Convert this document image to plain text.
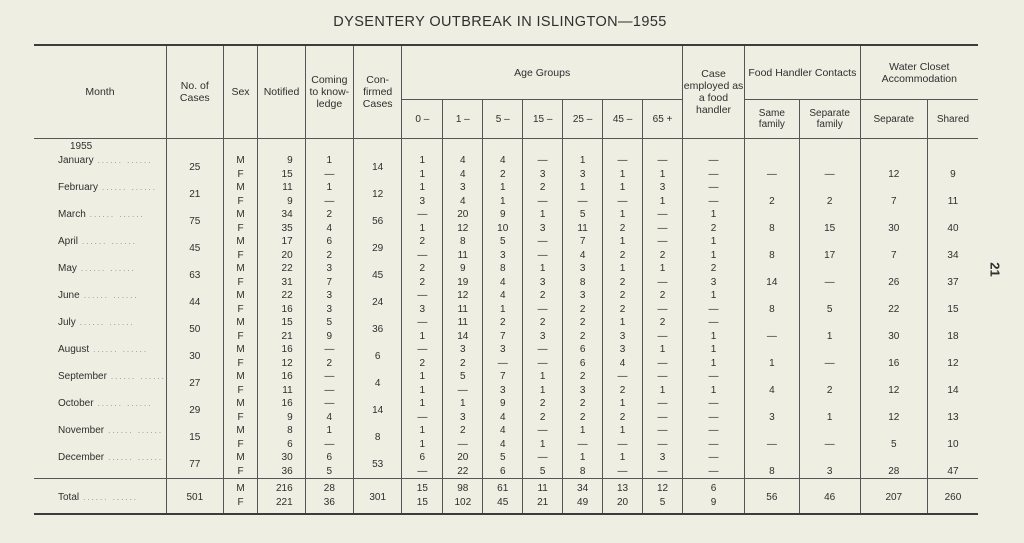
DYSENTERY OUTBREAK IN ISLINGTON—1955
21
Month	No. of Cases	Sex	Notified	Coming to know-ledge	Con-firmed Cases	Age Groups							Case employed as a food handler	Food Handler Contacts		Water Closet Accommodation	
						0 –	1 –	5 –	15 –	25 –	45 –	65 +		Same family	Separate family	Separate	Shared
1955																	
January ...... ......	25	M	9	1	14	1	4	4	—	1	—	—	—	—	—	12	9
		F	15	—		1	4	2	3	3	1	1	—				
February ...... ......	21	M	11	1	12	1	3	1	2	1	1	3	—	2	2	7	11
		F	9	—		3	4	1	—	—	—	1	—				
March ...... ......	75	M	34	2	56	—	20	9	1	5	1	—	1	8	15	30	40
		F	35	4		1	12	10	3	11	2	—	2				
April ...... ......	45	M	17	6	29	2	8	5	—	7	1	—	1	8	17	7	34
		F	20	2		—	11	3	—	4	2	2	1				
May ...... ......	63	M	22	3	45	2	9	8	1	3	1	1	2	14	—	26	37
		F	31	7		2	19	4	3	8	2	—	3				
June ...... ......	44	M	22	3	24	—	12	4	2	3	2	2	1	8	5	22	15
		F	16	3		3	11	1	—	2	2	—	—				
July ...... ......	50	M	15	5	36	—	11	2	2	2	1	2	—	—	1	30	18
		F	21	9		1	14	7	3	2	3	—	1				
August ...... ......	30	M	16	—	6	—	3	3	—	6	3	1	1	1	—	16	12
		F	12	2		2	2	—	—	6	4	—	1				
September ...... ......	27	M	16	—	4	1	5	7	1	2	—	—	—	4	2	12	14
		F	11	—		1	—	3	1	3	2	1	1				
October ...... ......	29	M	16	—	14	1	1	9	2	2	1	—	—	3	1	12	13
		F	9	4		—	3	4	2	2	2	—	—				
November ...... ......	15	M	8	1	8	1	2	4	—	1	1	—	—	—	—	5	10
		F	6	—		1	—	4	1	—	—	—	—				
December ...... ......	77	M	30	6	53	6	20	5	—	1	1	3	—	8	3	28	47
		F	36	5		—	22	6	5	8	—	—	—				
Total ...... ......	501	M	216	28	301	15	98	61	11	34	13	12	6	56	46	207	260
		F	221	36		15	102	45	21	49	20	5	9				
